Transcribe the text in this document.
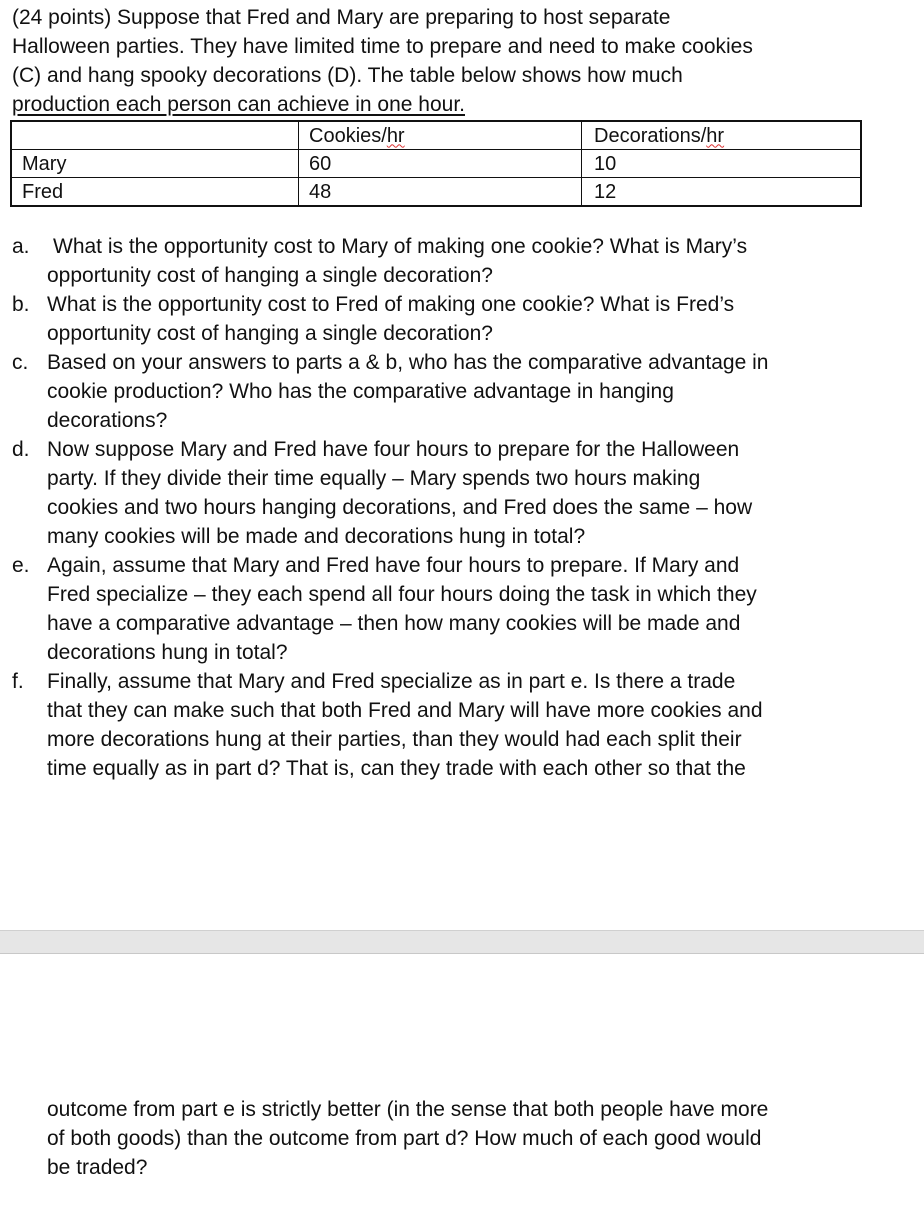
(24 points) Suppose that Fred and Mary are preparing to host separate
Halloween parties. They have limited time to prepare and need to make cookies
(C) and hang spooky decorations (D). The table below shows how much
production each person can achieve in one hour.
	Cookies/hr	Decorations/hr
Mary	60	10
Fred	48	12
a. What is the opportunity cost to Mary of making one cookie? What is Mary’s
opportunity cost of hanging a single decoration?
b. What is the opportunity cost to Fred of making one cookie? What is Fred’s
opportunity cost of hanging a single decoration?
c. Based on your answers to parts a & b, who has the comparative advantage in
cookie production? Who has the comparative advantage in hanging
decorations?
d. Now suppose Mary and Fred have four hours to prepare for the Halloween
party. If they divide their time equally – Mary spends two hours making
cookies and two hours hanging decorations, and Fred does the same – how
many cookies will be made and decorations hung in total?
e. Again, assume that Mary and Fred have four hours to prepare. If Mary and
Fred specialize – they each spend all four hours doing the task in which they
have a comparative advantage – then how many cookies will be made and
decorations hung in total?
f. Finally, assume that Mary and Fred specialize as in part e. Is there a trade
that they can make such that both Fred and Mary will have more cookies and
more decorations hung at their parties, than they would had each split their
time equally as in part d? That is, can they trade with each other so that the
outcome from part e is strictly better (in the sense that both people have more
of both goods) than the outcome from part d? How much of each good would
be traded?
